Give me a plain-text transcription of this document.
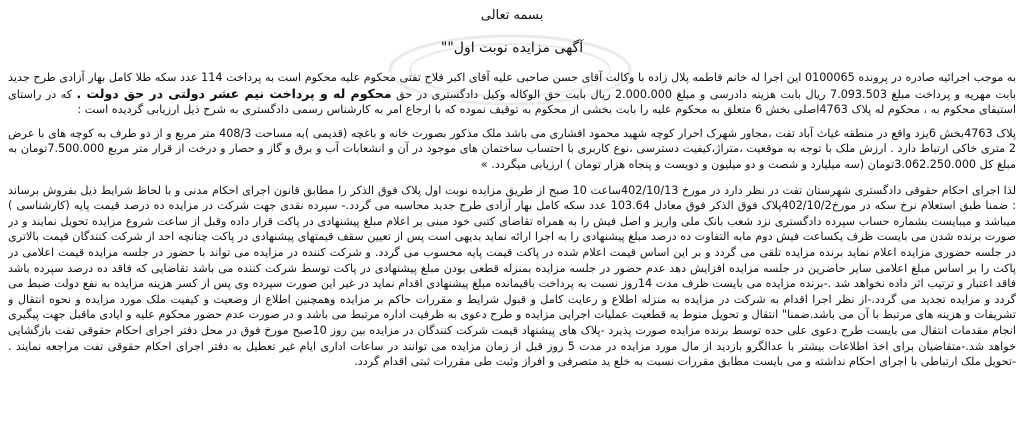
بسمه تعالی
آگهی مزایده نوبت اول""

به موجب اجرائیه صادره در پرونده 0100065 این اجرا له خانم فاطمه پلال زاده با وکالت آقای حسن صاحبی علیه آقای اکبر فلاح تفتی محکوم علیه محکوم است به پرداخت 114 عدد سکه طلا کامل بهار آزادی طرح جدید بابت مهریه و پرداخت مبلغ 7.093.503 ریال بابت هزینه دادرسی و مبلغ 2.000.000 ریال بابت حق الوکاله وکیل دادگستری در حق محکوم له و پرداخت نیم عشر دولتی در حق دولت . که در راستای استیفای محکوم به ، محکوم له پلاک 4763اصلی بخش 6 متعلق به محکوم علیه را بابت بخشی از محکوم به توقیف نموده که با ارجاع امر به کارشناس رسمی دادگستری به شرح ذیل ارزیابی گردیده است :

پلاک 4763بخش 6یزد واقع در منطقه غیاث آباد تفت ،مجاور شهرک احرار کوچه شهید محمود افشاری می باشد ملک مذکور بصورت خانه و باغچه (قدیمی )به مساحت 408/3 متر مربع و از دو طرف به کوچه های با عرض 2 متری خاکی ارتباط دارد . ارزش ملک با توجه به موقعیت ،متراژ،کیفیت دسترسی ،نوع کاربری با احتساب ساختمان های موجود در آن و انشعابات آب و برق و گاز و حصار و درخت از قرار متر مربع 7.500.000تومان به مبلغ کل 3.062.250.000تومان (سه میلیارد و شصت و دو میلیون و دویست و پنجاه هزار تومان ) ارزیابی میگردد. »

لذا اجرای احکام حقوقی دادگستری شهرستان تفت در نظر دارد در مورخ 402/10/13ساعت 10 صبح از طریق مزایده نوبت اول پلاک فوق الذکر را مطابق قانون اجرای احکام مدنی و با لحاظ شرایط ذیل بفروش برساند : ضمنا طبق استعلام نرخ سکه در مورخ402/10/2پلاک فوق الذکر فوق معادل 103.64 عدد سکه کامل بهار آزادی طرح جدید محاسبه می گردد.- سپرده نقدی جهت شرکت در مزایده ده درصد قیمت پایه (کارشناسی ) میباشد و میبایست بشماره حساب سپرده دادگستری نزد شعب بانک ملی واریز و اصل فیش را به همراه تقاضای کتبی خود مبنی بر اعلام مبلغ پیشنهادی در پاکت قرار داده وقبل از ساعت شروع مزایده تحویل نمایند و در صورت برنده شدن می بایست ظرف یکساعت فیش دوم مابه التفاوت ده درصد مبلغ پیشنهادی را به اجرا ارائه نماید بدیهی است پس از تعیین سقف قیمتهای پیشنهادی در پاکت چنانچه احد از شرکت کنندگان قیمت بالاتری در جلسه حضوری مزایده اعلام نماید برنده مزایده تلقی می گردد و بر این اساس قیمت اعلام شده در پاکت قیمت پایه محسوب می گردد. و شرکت کننده در مزایده می تواند با حضور در جلسه مزایده قیمت اعلامی در پاکت را بر اساس مبلغ اعلامی سایر حاضرین در جلسه مزایده افزایش دهد عدم حضور در جلسه مزایده بمنزله قطعی بودن مبلغ پیشنهادی در پاکت توسط شرکت کننده می باشد تقاضایی که فاقد ده درصد سپرده باشد فاقد اعتبار و ترتیب اثر داده نخواهد شد .-برنده مزایده می بایست ظرف مدت 14روز نسبت به پرداخت باقیمانده مبلغ پیشنهادی اقدام نماید در غیر این صورت سپرده وی پس از کسر هزینه مزایده به نفع دولت ضبط می گردد و مزایده تجدید می گردد.-از نظر اجرا اقدام به شرکت در مزایده به منزله اطلاع و رعایت کامل و قبول شرایط و مقررات حاکم بر مزایده وهمچنین اطلاع از وضعیت و کیفیت ملک مورد مزایده و نحوه انتقال و تشریفات و هزینه های مرتبط با آن می باشد.ضمنا" انتقال و تحویل منوط به قطعیت عملیات اجرایی مزایده و طرح دعوی به ظرفیت اداره مرتبط می باشد و در صورت عدم حضور محکوم علیه و ایادی ماقبل جهت پیگیری انجام مقدمات انتقال می بایست طرح دعوی علی حده توسط برنده مزایده صورت پذیرد -پلاک های پیشنهاد قیمت شرکت کنندگان در مزایده بین روز 10صبح مورخ فوق در محل دفتر اجرای احکام حقوقی تفت بازگشایی خواهد شد.-متقاضیان برای اخذ اطلاعات بیشتر با عدالگرو بازدید از مال مورد مزایده در مدت 5 روز قبل از زمان مزایده می توانند در ساعات اداری ایام غیر تعطیل به دفتر اجرای احکام حقوقی تفت مراجعه نمایند . -تحویل ملک ارتباطی با اجرای احکام نداشته و می بایست مطابق مقررات نسبت به خلع ید متصرفی و افراز وثبت طی مقررات ثبتی اقدام گردد.
